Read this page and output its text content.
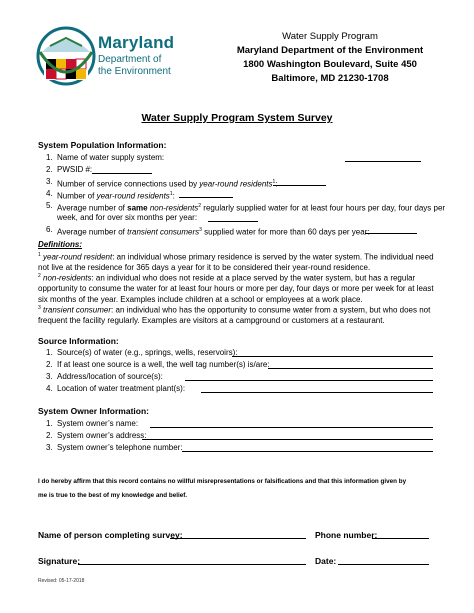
Maryland
Department of
the Environment
Water Supply Program
Maryland Department of the Environment
1800 Washington Boulevard, Suite 450
Baltimore, MD 21230-1708
Water Supply Program System Survey
System Population Information:
1. Name of water supply system:
2. PWSID #:
3. Number of service connections used by year-round residents$^1$:
4. Number of year-round residents$^1$:
5. Average number of same non-residents$^2$ regularly supplied water for at least four hours per day, four days per
week, and for over six months per year:
6. Average number of transient consumers$^3$ supplied water for more than 60 days per year:
Definitions:
$^1$ year-round resident: an individual whose primary residence is served by the water system. The individual need not live at the residence for 365 days a year for it to be considered their year-round residence.
$^2$ non-residents: an individual who does not reside at a place served by the water system, but has a regular opportunity to consume the water for at least four hours or more per day, four days or more per week for at least six months of the year. Examples include children at a school or employees at a work place.
$^3$ transient consumer: an individual who has the opportunity to consume water from a system, but who does not frequent the facility regularly. Examples are visitors at a campground or customers at a restaurant.
Source Information:
1. Source(s) of water (e.g., springs, wells, reservoirs):
2. If at least one source is a well, the well tag number(s) is/are:
3. Address/location of source(s):
4. Location of water treatment plant(s):
System Owner Information:
1. System owner’s name:
2. System owner’s address:
3. System owner’s telephone number:
I do hereby affirm that this record contains no willful misrepresentations or falsifications and that this information given by
me is true to the best of my knowledge and belief.
Name of person completing survey:	Phone number:
Signature:	Date:
Revised: 05-17-2018
